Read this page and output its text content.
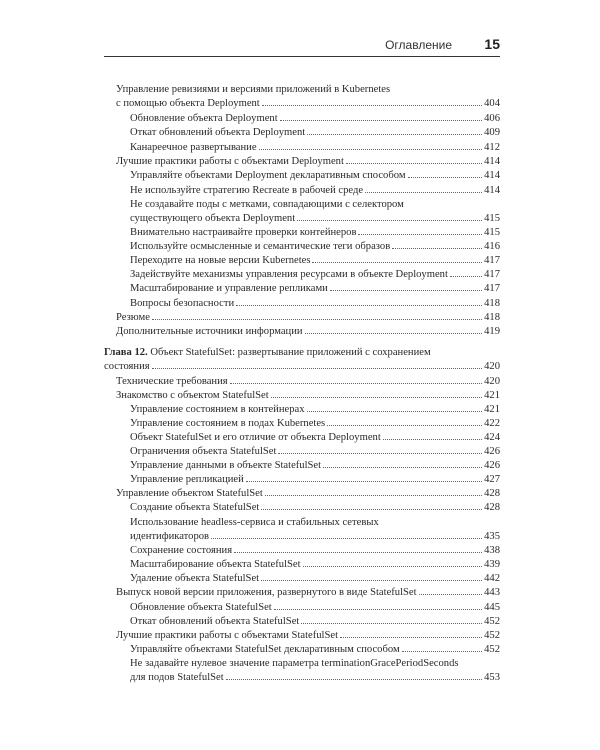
Оглавление 15
Управление ревизиями и версиями приложений в Kubernetes
с помощью объекта Deployment	404
Обновление объекта Deployment	406
Откат обновлений объекта Deployment	409
Канареечное развертывание	412
Лучшие практики работы с объектами Deployment	414
Управляйте объектами Deployment декларативным способом	414
Не используйте стратегию Recreate в рабочей среде	414
Не создавайте поды с метками, совпадающими с селектором
существующего объекта Deployment	415
Внимательно настраивайте проверки контейнеров	415
Используйте осмысленные и семантические теги образов	416
Переходите на новые версии Kubernetes	417
Задействуйте механизмы управления ресурсами в объекте Deployment	417
Масштабирование и управление репликами	417
Вопросы безопасности	418
Резюме	418
Дополнительные источники информации	419
Глава 12. Объект StatefulSet: развертывание приложений с сохранением
состояния	420
Технические требования	420
Знакомство с объектом StatefulSet	421
Управление состоянием в контейнерах	421
Управление состоянием в подах Kubernetes	422
Объект StatefulSet и его отличие от объекта Deployment	424
Ограничения объекта StatefulSet	426
Управление данными в объекте StatefulSet	426
Управление репликацией	427
Управление объектом StatefulSet	428
Создание объекта StatefulSet	428
Использование headless-сервиса и стабильных сетевых
идентификаторов	435
Сохранение состояния	438
Масштабирование объекта StatefulSet	439
Удаление объекта StatefulSet	442
Выпуск новой версии приложения, развернутого в виде StatefulSet	443
Обновление объекта StatefulSet	445
Откат обновлений объекта StatefulSet	452
Лучшие практики работы с объектами StatefulSet	452
Управляйте объектами StatefulSet декларативным способом	452
Не задавайте нулевое значение параметра terminationGracePeriodSeconds
для подов StatefulSet	453
